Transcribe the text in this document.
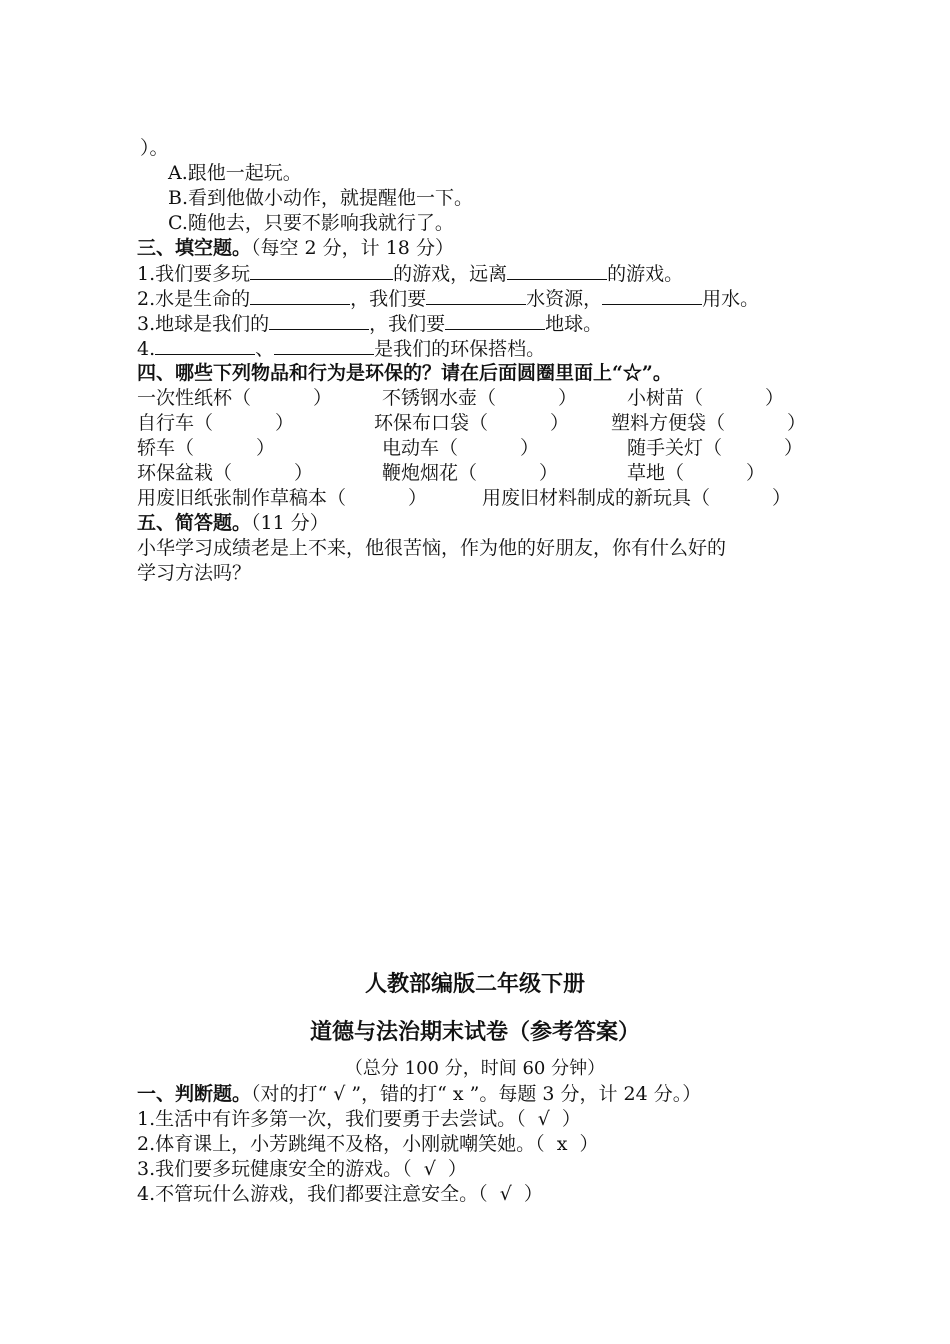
）。
A.跟他一起玩。
B.看到他做小动作，就提醒他一下。
C.随他去，只要不影响我就行了。
三、填空题。（每空 2 分，计 18 分）
1.我们要多玩	的游戏，远离	的游戏。
2.水是生命的	，我们要	水资源，	用水。
3.地球是我们的	，我们要	地球。
4.	、	是我们的环保搭档。
四、哪些下列物品和行为是环保的？请在后面圆圈里面上“☆”。
一次性纸杯（	）	不锈钢水壶（	）	小树苗（	）
自行车（	）	环保布口袋（	） 塑料方便袋（	）
轿车（	）	电动车（	）	随手关灯（	）
环保盆栽（	）	鞭炮烟花（	）	草地（	）
用废旧纸张制作草稿本（	）	用废旧材料制成的新玩具（	）
五、简答题。（11 分）
小华学习成绩老是上不来，他很苦恼，作为他的好朋友，你有什么好的
学习方法吗？
人教部编版二年级下册
道德与法治期末试卷（参考答案）
（总分 100 分，时间 60 分钟）
一、判断题。（对的打“ √ ”，错的打“ x ”。每题 3 分，计 24 分。）
1.生活中有许多第一次，我们要勇于去尝试。（  √  ）
2.体育课上，小芳跳绳不及格，小刚就嘲笑她。（  x  ）
3.我们要多玩健康安全的游戏。（  √  ）
4.不管玩什么游戏，我们都要注意安全。（  √  ）
